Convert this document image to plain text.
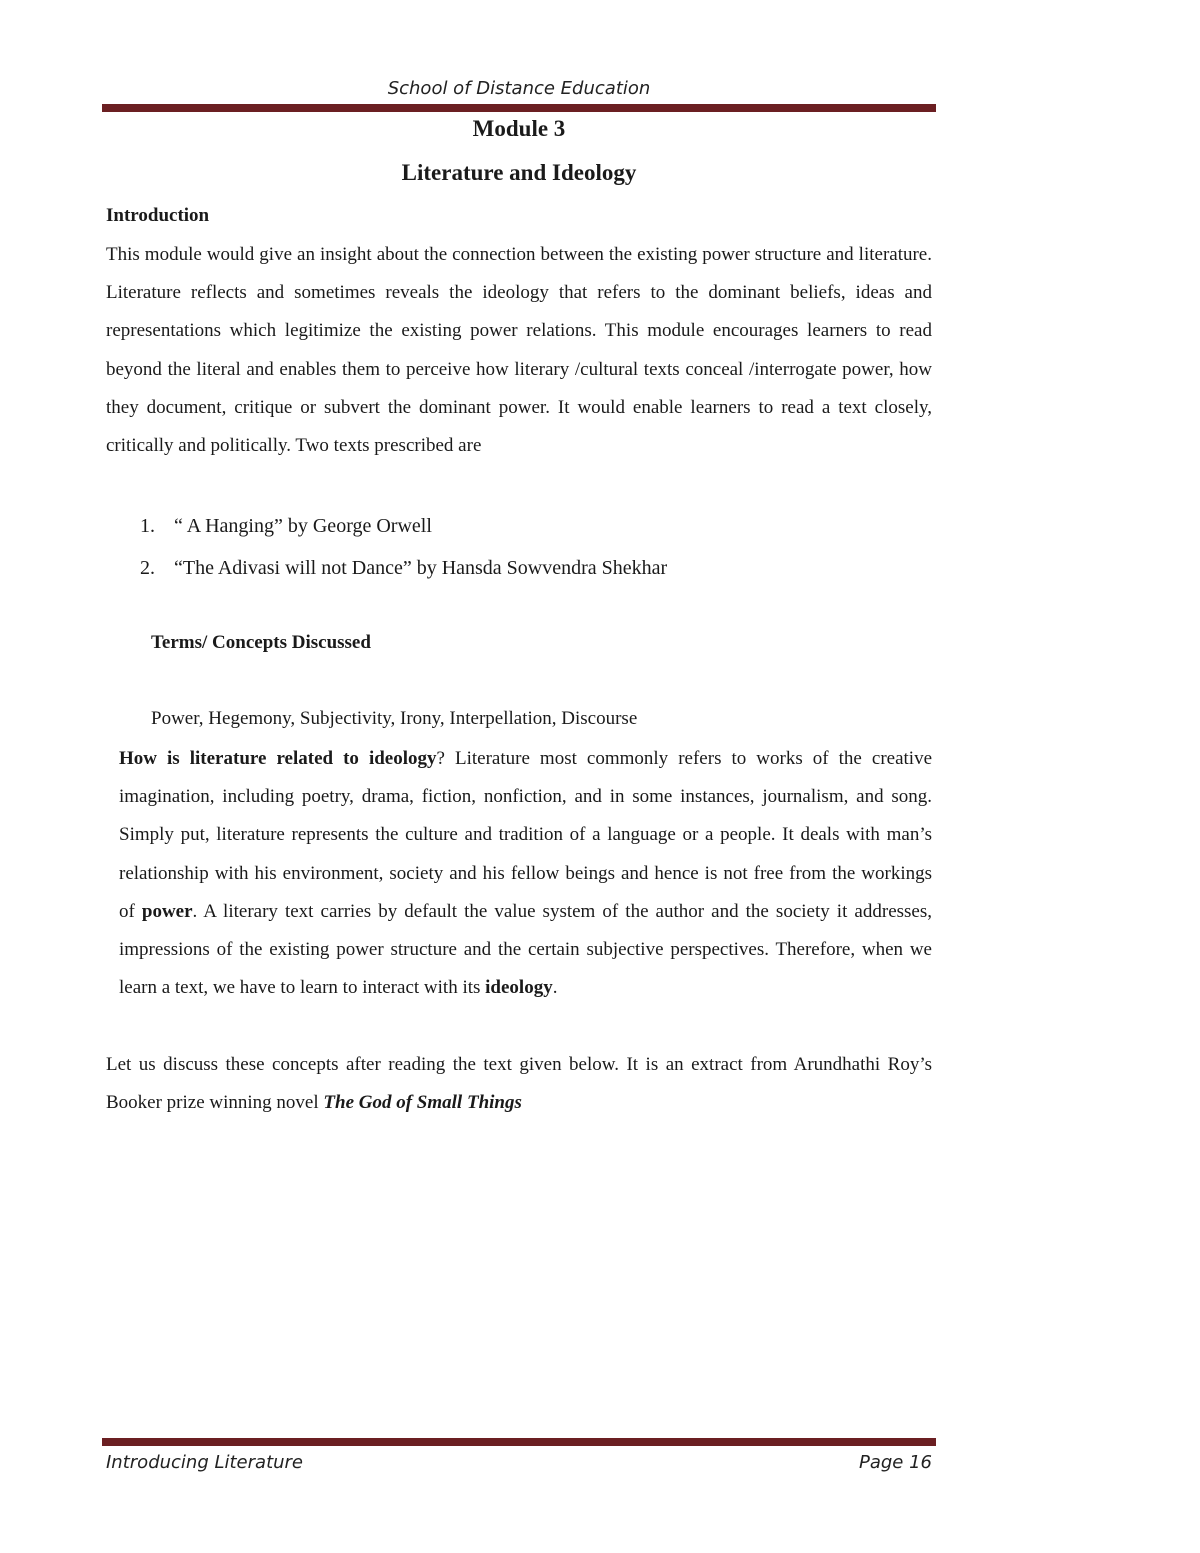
School of Distance Education
Module 3
Literature and Ideology
Introduction
This module would give an insight about the connection between the existing power structure and literature. Literature reflects and sometimes reveals the ideology that refers to the dominant beliefs, ideas and representations which legitimize the existing power relations. This module encourages learners to read beyond the literal and enables them to perceive how literary /cultural texts conceal /interrogate power, how they document, critique or subvert the dominant power. It would enable learners to read a text closely, critically and politically. Two texts prescribed are
1. “ A Hanging” by George Orwell
2. “The Adivasi will not Dance” by Hansda Sowvendra Shekhar
Terms/ Concepts Discussed
Power, Hegemony, Subjectivity, Irony, Interpellation, Discourse
How is literature related to ideology? Literature most commonly refers to works of the creative imagination, including poetry, drama, fiction, nonfiction, and in some instances, journalism, and song. Simply put, literature represents the culture and tradition of a language or a people. It deals with man’s relationship with his environment, society and his fellow beings and hence is not free from the workings of power. A literary text carries by default the value system of the author and the society it addresses, impressions of the existing power structure and the certain subjective perspectives. Therefore, when we learn a text, we have to learn to interact with its ideology.
Let us discuss these concepts after reading the text given below. It is an extract from Arundhathi Roy’s Booker prize winning novel The God of Small Things
Introducing Literature	Page 16
